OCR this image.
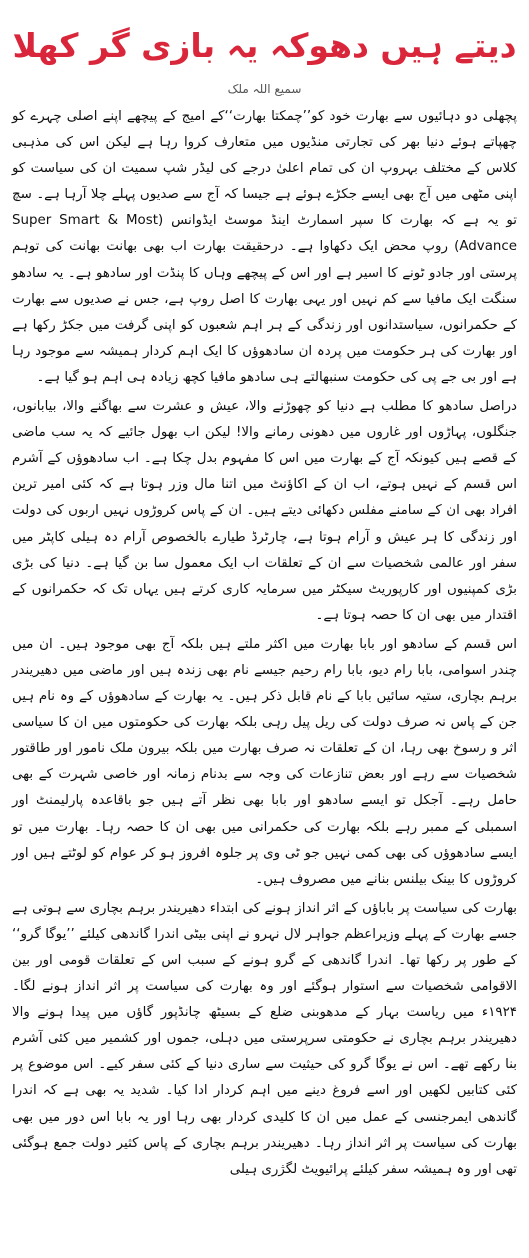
دیتے ہیں دھوکہ یہ بازی گر کھلا
سمیع اللہ ملک

پچھلی دو دہائیوں سے بھارت خود کو’’چمکتا بھارت‘‘کے امیج کے پیچھے اپنے اصلی چہرے کو چھپاتے ہوئے دنیا بھر کی تجارتی منڈیوں میں متعارف کروا رہا ہے لیکن اس کی مذہبی کلاس کے مختلف بہروپ ان کی تمام اعلیٰ درجے کی لیڈر شپ سمیت ان کی سیاست کو اپنی مٹھی میں آج بھی ایسے جکڑے ہوئے ہے جیسا کہ آج سے صدیوں پہلے چلا آرہا ہے۔ سچ تو یہ ہے کہ بھارت کا سپر اسمارٹ اینڈ موسٹ ایڈوانس (Super Smart & Most Advance) روپ محض ایک دکھاوا ہے۔ درحقیقت بھارت اب بھی بھانت بھانت کی توہم پرستی اور جادو ٹونے کا اسیر ہے اور اس کے پیچھے وہاں کا پنڈت اور سادھو ہے۔ یہ سادھو سنگت ایک مافیا سے کم نہیں اور یہی بھارت کا اصل روپ ہے، جس نے صدیوں سے بھارت کے حکمرانوں، سیاستدانوں اور زندگی کے ہر اہم شعبوں کو اپنی گرفت میں جکڑ رکھا ہے اور بھارت کی ہر حکومت میں پردہ ان سادھوؤں کا ایک اہم کردار ہمیشہ سے موجود رہا ہے اور بی جے پی کی حکومت سنبھالتے ہی سادھو مافیا کچھ زیادہ ہی اہم ہو گیا ہے۔

دراصل سادھو کا مطلب ہے دنیا کو چھوڑنے والا، عیش و عشرت سے بھاگنے والا، بیابانوں، جنگلوں، پہاڑوں اور غاروں میں دھونی رمانے والا! لیکن اب بھول جائیے کہ یہ سب ماضی کے قصے ہیں کیونکہ آج کے بھارت میں اس کا مفہوم بدل چکا ہے۔ اب سادھوؤں کے آشرم اس قسم کے نہیں ہوتے، اب ان کے اکاؤنٹ میں اتنا مال وزر ہوتا ہے کہ کئی امیر ترین افراد بھی ان کے سامنے مفلس دکھائی دیتے ہیں۔ ان کے پاس کروڑوں نہیں اربوں کی دولت اور زندگی کا ہر عیش و آرام ہوتا ہے، چارٹرڈ طیارے بالخصوص آرام دہ ہیلی کاپٹر میں سفر اور عالمی شخصیات سے ان کے تعلقات اب ایک معمول سا بن گیا ہے۔ دنیا کی بڑی بڑی کمپنیوں اور کارپوریٹ سیکٹر میں سرمایہ کاری کرتے ہیں یہاں تک کہ حکمرانوں کے اقتدار میں بھی ان کا حصہ ہوتا ہے۔

اس قسم کے سادھو اور بابا بھارت میں اکثر ملتے ہیں بلکہ آج بھی موجود ہیں۔ ان میں چندر اسوامی، بابا رام دیو، بابا رام رحیم جیسے نام بھی زندہ ہیں اور ماضی میں دھیریندر برہم بچاری، ستیہ سائیں بابا کے نام قابل ذکر ہیں۔ یہ بھارت کے سادھوؤں کے وہ نام ہیں جن کے پاس نہ صرف دولت کی ریل پیل رہی بلکہ بھارت کی حکومتوں میں ان کا سیاسی اثر و رسوخ بھی رہا، ان کے تعلقات نہ صرف بھارت میں بلکہ بیرون ملک نامور اور طاقتور شخصیات سے رہے اور بعض تنازعات کی وجہ سے بدنام زمانہ اور خاصی شہرت کے بھی حامل رہے۔ آجکل تو ایسے سادھو اور بابا بھی نظر آتے ہیں جو باقاعدہ پارلیمنٹ اور اسمبلی کے ممبر رہے بلکہ بھارت کی حکمرانی میں بھی ان کا حصہ رہا۔ بھارت میں تو ایسے سادھوؤں کی بھی کمی نہیں جو ٹی وی پر جلوہ افروز ہو کر عوام کو لوٹتے ہیں اور کروڑوں کا بینک بیلنس بنانے میں مصروف ہیں۔

بھارت کی سیاست پر باباؤں کے اثر انداز ہونے کی ابتداء دھیریندر برہم بچاری سے ہوتی ہے جسے بھارت کے پہلے وزیراعظم جواہر لال نہرو نے اپنی بیٹی اندرا گاندھی کیلئے ’’یوگا گرو‘‘ کے طور پر رکھا تھا۔ اندرا گاندھی کے گرو ہونے کے سبب اس کے تعلقات قومی اور بین الاقوامی شخصیات سے استوار ہوگئے اور وہ بھارت کی سیاست پر اثر انداز ہونے لگا۔ ۱۹۲۴ء میں ریاست بہار کے مدھوبنی ضلع کے بسیٹھ چانڈپور گاؤں میں پیدا ہونے والا دھیریندر برہم بچاری نے حکومتی سرپرستی میں دہلی، جموں اور کشمیر میں کئی آشرم بنا رکھے تھے۔ اس نے یوگا گرو کی حیثیت سے ساری دنیا کے کئی سفر کیے۔ اس موضوع پر کئی کتابیں لکھیں اور اسے فروغ دینے میں اہم کردار ادا کیا۔ شدید یہ بھی ہے کہ اندرا گاندھی ایمرجنسی کے عمل میں ان کا کلیدی کردار بھی رہا اور یہ بابا اس دور میں بھی بھارت کی سیاست پر اثر انداز رہا۔ دھیریندر برہم بچاری کے پاس کثیر دولت جمع ہوگئی تھی اور وہ ہمیشہ سفر کیلئے پرائیویٹ لگژری ہیلی
